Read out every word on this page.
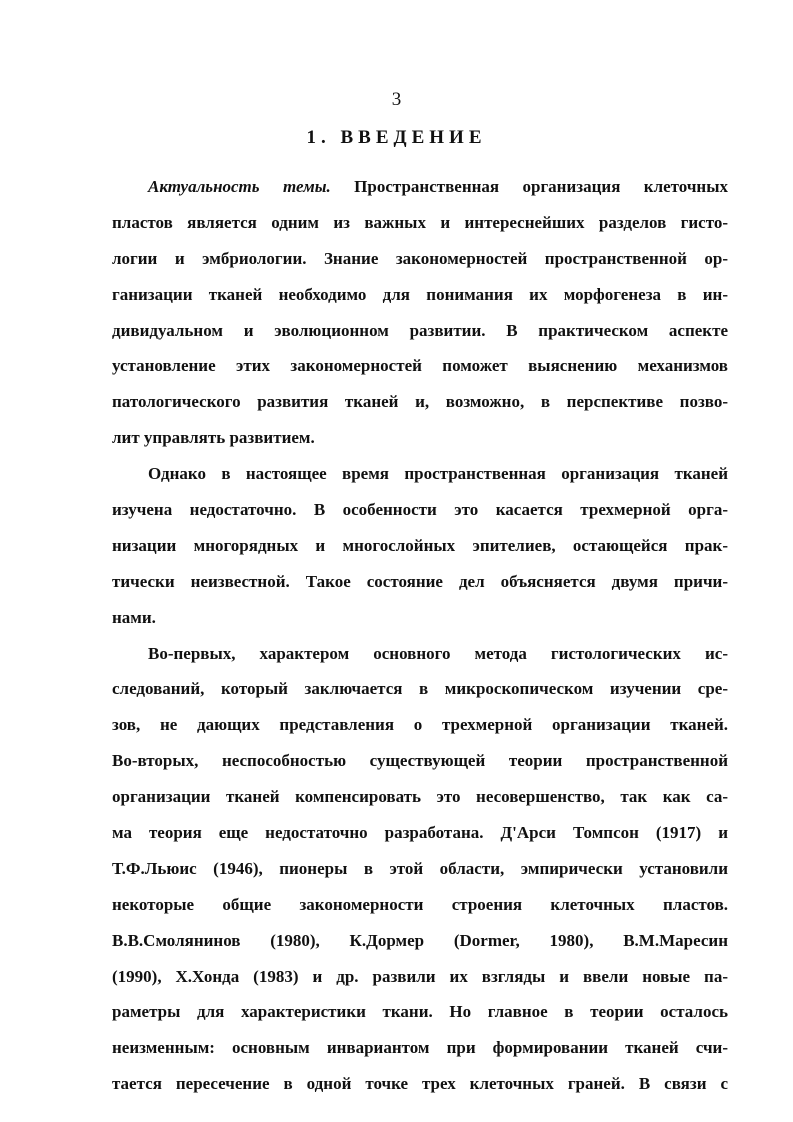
3
1. ВВЕДЕНИЕ
Актуальность темы. Пространственная организация клеточных
пластов является одним из важных и интереснейших разделов гисто-
логии и эмбриологии. Знание закономерностей пространственной ор-
ганизации тканей необходимо для понимания их морфогенеза в ин-
дивидуальном и эволюционном развитии. В практическом аспекте
установление этих закономерностей поможет выяснению механизмов
патологического развития тканей и, возможно, в перспективе позво-
лит управлять развитием.
Однако в настоящее время пространственная организация тканей
изучена недостаточно. В особенности это касается трехмерной орга-
низации многорядных и многослойных эпителиев, остающейся прак-
тически неизвестной. Такое состояние дел объясняется двумя причи-
нами.
Во-первых, характером основного метода гистологических ис-
следований, который заключается в микроскопическом изучении сре-
зов, не дающих представления о трехмерной организации тканей.
Во-вторых, неспособностью существующей теории пространственной
организации тканей компенсировать это несовершенство, так как са-
ма теория еще недостаточно разработана. Д'Арси Томпсон (1917) и
Т.Ф.Льюис (1946), пионеры в этой области, эмпирически установили
некоторые общие закономерности строения клеточных пластов.
В.В.Смолянинов (1980), К.Дормер (Dormer, 1980), В.М.Маресин
(1990), Х.Хонда (1983) и др. развили их взгляды и ввели новые па-
раметры для характеристики ткани. Но главное в теории осталось
неизменным: основным инвариантом при формировании тканей счи-
тается пересечение в одной точке трех клеточных граней. В связи с
